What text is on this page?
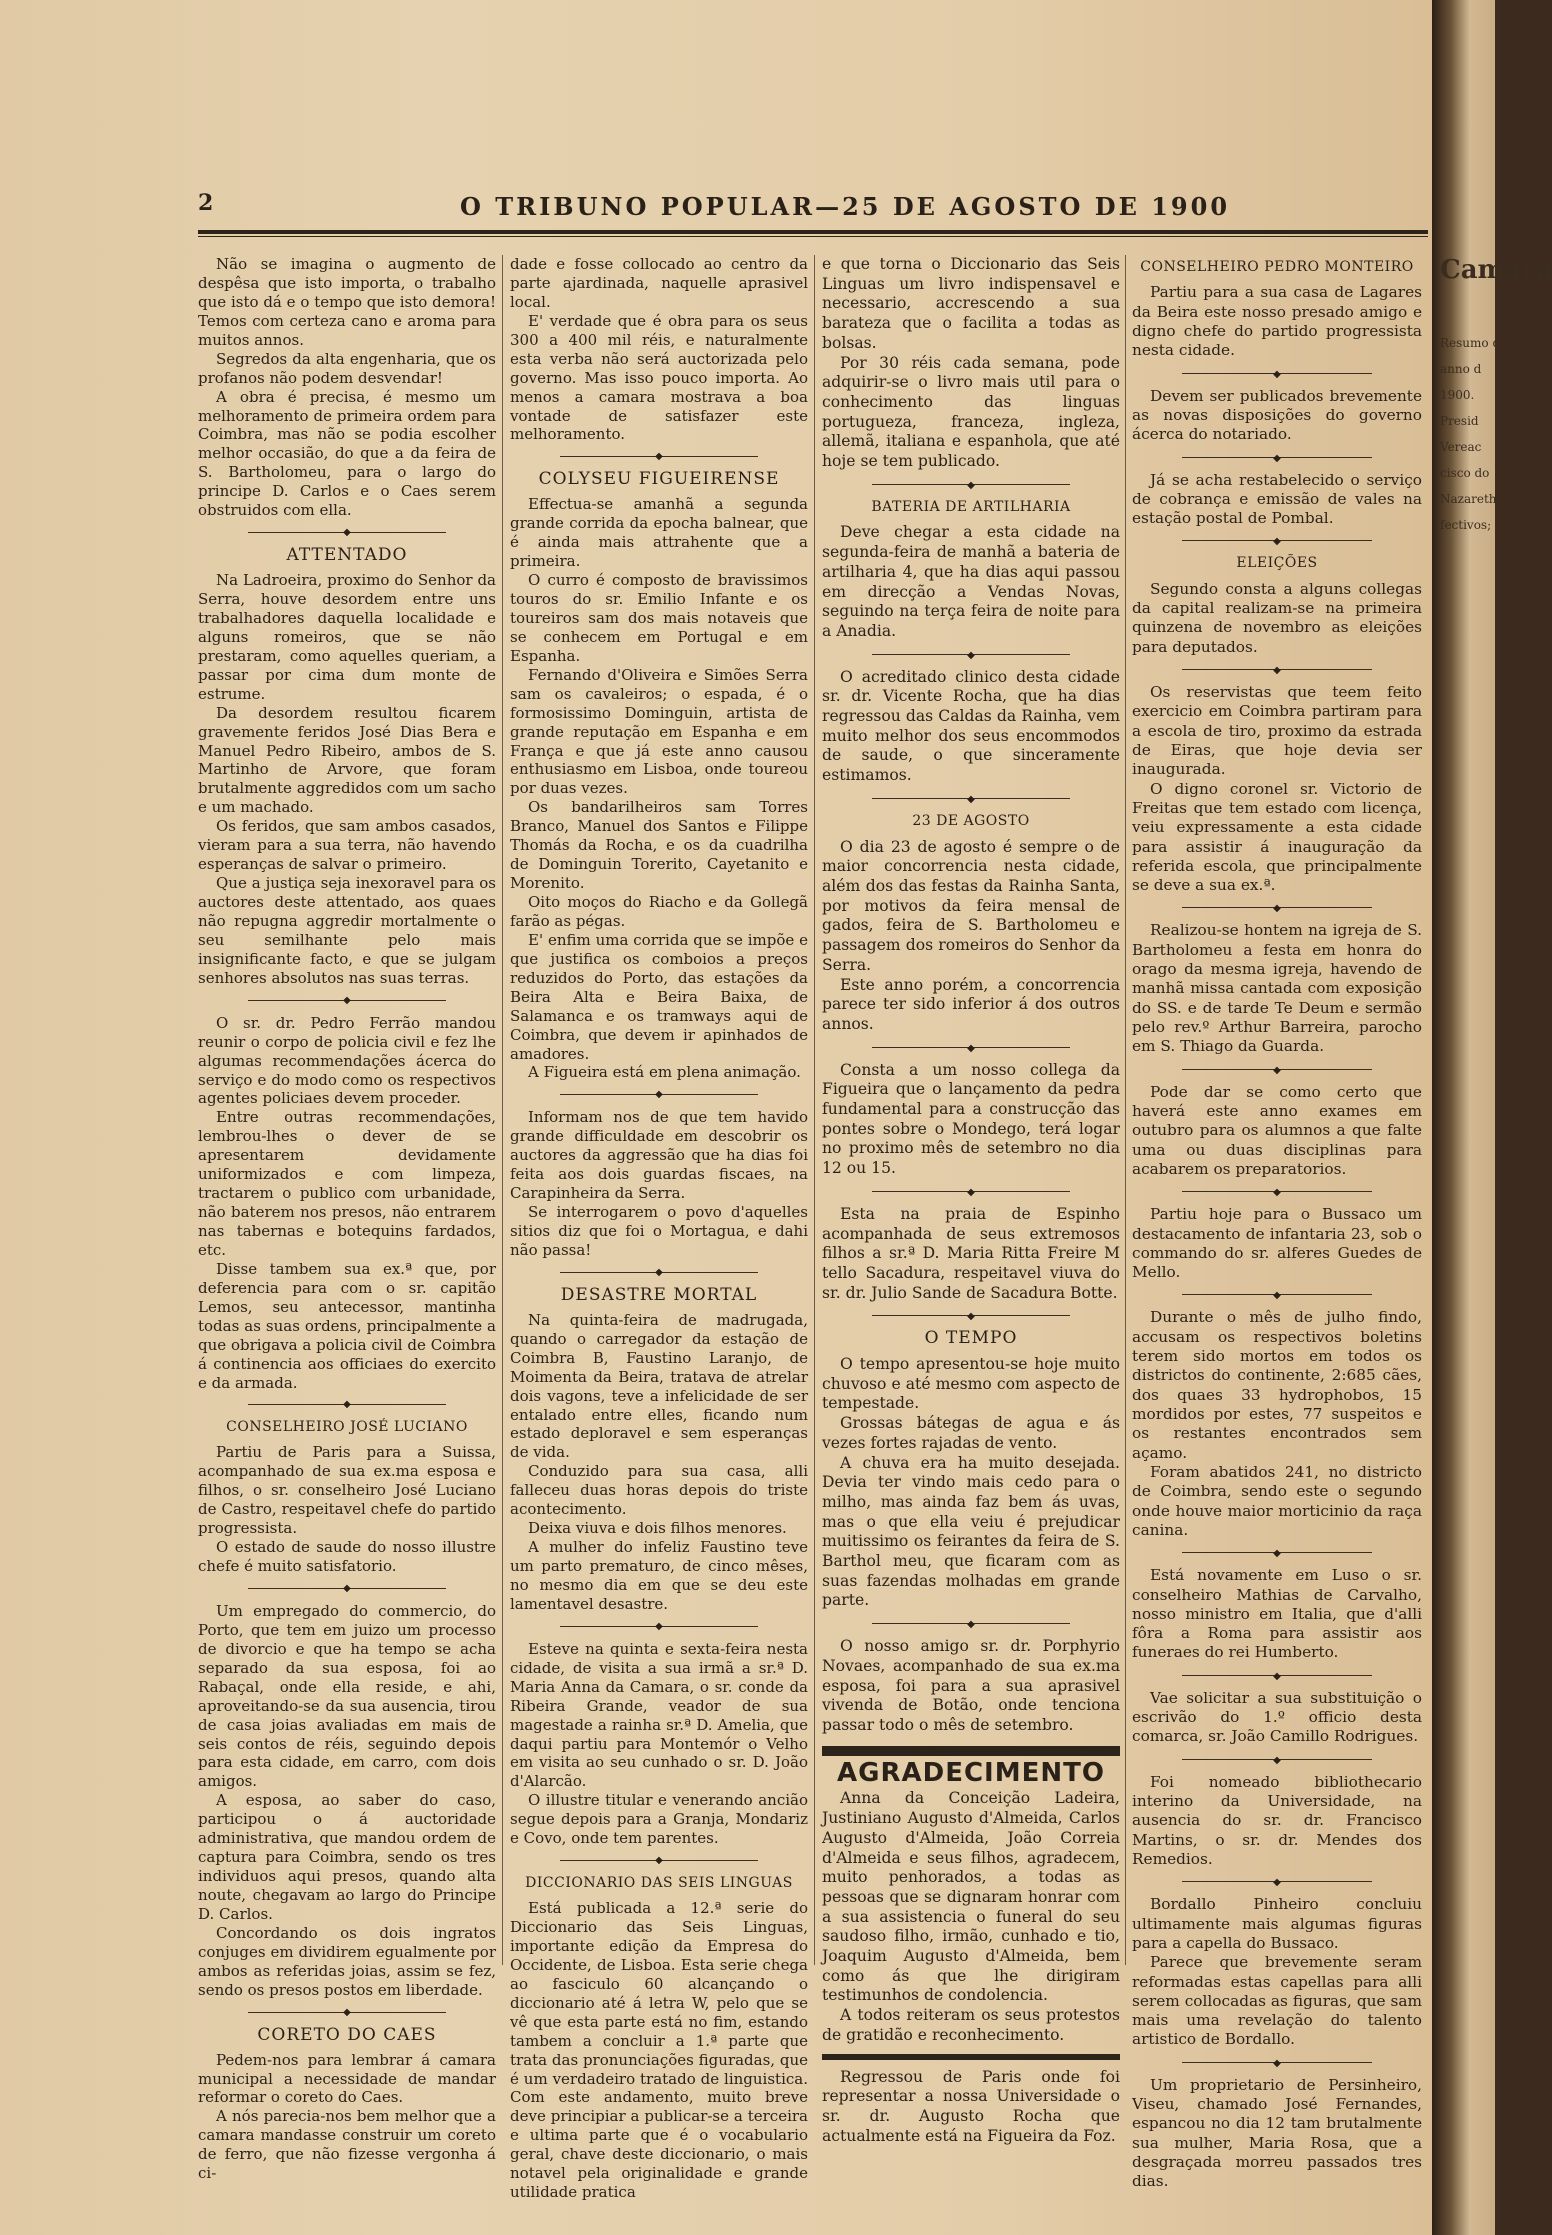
2	O TRIBUNO POPULAR—25 DE AGOSTO DE 1900

Não se imagina o augmento de despêsa que isto importa, o trabalho que isto dá e o tempo que isto demora! Temos com certeza cano e aroma para muitos annos.

Segredos da alta engenharia, que os profanos não podem desvendar!

A obra é precisa, é mesmo um melhoramento de primeira ordem para Coimbra, mas não se podia escolher melhor occasião, do que a da feira de S. Bartholomeu, para o largo do principe D. Carlos e o Caes serem obstruidos com ella.

◆
ATTENTADO

Na Ladroeira, proximo do Senhor da Serra, houve desordem entre uns trabalhadores daquella localidade e alguns romeiros, que se não prestaram, como aquelles queriam, a passar por cima dum monte de estrume.

Da desordem resultou ficarem gravemente feridos José Dias Bera e Manuel Pedro Ribeiro, ambos de S. Martinho de Arvore, que foram brutalmente aggredidos com um sacho e um machado.

Os feridos, que sam ambos casados, vieram para a sua terra, não havendo esperanças de salvar o primeiro.

Que a justiça seja inexoravel para os auctores deste attentado, aos quaes não repugna aggredir mortalmente o seu semilhante pelo mais insignificante facto, e que se julgam senhores absolutos nas suas terras.

◆

O sr. dr. Pedro Ferrão mandou reunir o corpo de policia civil e fez lhe algumas recommendações ácerca do serviço e do modo como os respectivos agentes policiaes devem proceder.

Entre outras recommendações, lembrou-lhes o dever de se apresentarem devidamente uniformizados e com limpeza, tractarem o publico com urbanidade, não baterem nos presos, não entrarem nas tabernas e botequins fardados, etc.

Disse tambem sua ex.ª que, por deferencia para com o sr. capitão Lemos, seu antecessor, mantinha todas as suas ordens, principalmente a que obrigava a policia civil de Coimbra á continencia aos officiaes do exercito e da armada.

◆
CONSELHEIRO JOSÉ LUCIANO

Partiu de Paris para a Suissa, acompanhado de sua ex.ma esposa e filhos, o sr. conselheiro José Luciano de Castro, respeitavel chefe do partido progressista.

O estado de saude do nosso illustre chefe é muito satisfatorio.

◆

Um empregado do commercio, do Porto, que tem em juizo um processo de divorcio e que ha tempo se acha separado da sua esposa, foi ao Rabaçal, onde ella reside, e ahi, aproveitando-se da sua ausencia, tirou de casa joias avaliadas em mais de seis contos de réis, seguindo depois para esta cidade, em carro, com dois amigos.

A esposa, ao saber do caso, participou o á auctoridade administrativa, que mandou ordem de captura para Coimbra, sendo os tres individuos aqui presos, quando alta noute, chegavam ao largo do Principe D. Carlos.

Concordando os dois ingratos conjuges em dividirem egualmente por ambos as referidas joias, assim se fez, sendo os presos postos em liberdade.

◆
CORETO DO CAES

Pedem-nos para lembrar á camara municipal a necessidade de mandar reformar o coreto do Caes.

A nós parecia-nos bem melhor que a camara mandasse construir um coreto de ferro, que não fizesse vergonha á ci-

dade e fosse collocado ao centro da parte ajardinada, naquelle aprasivel local.

E' verdade que é obra para os seus 300 a 400 mil réis, e naturalmente esta verba não será auctorizada pelo governo. Mas isso pouco importa. Ao menos a camara mostrava a boa vontade de satisfazer este melhoramento.

◆
COLYSEU FIGUEIRENSE

Effectua-se amanhã a segunda grande corrida da epocha balnear, que é ainda mais attrahente que a primeira.

O curro é composto de bravissimos touros do sr. Emilio Infante e os toureiros sam dos mais notaveis que se conhecem em Portugal e em Espanha.

Fernando d'Oliveira e Simões Serra sam os cavaleiros; o espada, é o formosissimo Dominguin, artista de grande reputação em Espanha e em França e que já este anno causou enthusiasmo em Lisboa, onde toureou por duas vezes.

Os bandarilheiros sam Torres Branco, Manuel dos Santos e Filippe Thomás da Rocha, e os da cuadrilha de Dominguin Torerito, Cayetanito e Morenito.

Oito moços do Riacho e da Gollegã farão as pégas.

E' enfim uma corrida que se impõe e que justifica os comboios a preços reduzidos do Porto, das estações da Beira Alta e Beira Baixa, de Salamanca e os tramways aqui de Coimbra, que devem ir apinhados de amadores.

A Figueira está em plena animação.

◆

Informam nos de que tem havido grande difficuldade em descobrir os auctores da aggressão que ha dias foi feita aos dois guardas fiscaes, na Carapinheira da Serra.

Se interrogarem o povo d'aquelles sitios diz que foi o Mortagua, e dahi não passa!

◆
DESASTRE MORTAL

Na quinta-feira de madrugada, quando o carregador da estação de Coimbra B, Faustino Laranjo, de Moimenta da Beira, tratava de atrelar dois vagons, teve a infelicidade de ser entalado entre elles, ficando num estado deploravel e sem esperanças de vida.

Conduzido para sua casa, alli falleceu duas horas depois do triste acontecimento.

Deixa viuva e dois filhos menores.

A mulher do infeliz Faustino teve um parto prematuro, de cinco mêses, no mesmo dia em que se deu este lamentavel desastre.

◆

Esteve na quinta e sexta-feira nesta cidade, de visita a sua irmã a sr.ª D. Maria Anna da Camara, o sr. conde da Ribeira Grande, veador de sua magestade a rainha sr.ª D. Amelia, que daqui partiu para Montemór o Velho em visita ao seu cunhado o sr. D. João d'Alarcão.

O illustre titular e venerando ancião segue depois para a Granja, Mondariz e Covo, onde tem parentes.

◆
DICCIONARIO DAS SEIS LINGUAS

Está publicada a 12.ª serie do Diccionario das Seis Linguas, importante edição da Empresa do Occidente, de Lisboa. Esta serie chega ao fasciculo 60 alcançando o diccionario até á letra W, pelo que se vê que esta parte está no fim, estando tambem a concluir a 1.ª parte que trata das pronunciações figuradas, que é um verdadeiro tratado de linguistica. Com este andamento, muito breve deve principiar a publicar-se a terceira e ultima parte que é o vocabulario geral, chave deste diccionario, o mais notavel pela originalidade e grande utilidade pratica

e que torna o Diccionario das Seis Linguas um livro indispensavel e necessario, accrescendo a sua barateza que o facilita a todas as bolsas.

Por 30 réis cada semana, pode adquirir-se o livro mais util para o conhecimento das linguas portugueza, franceza, ingleza, allemã, italiana e espanhola, que até hoje se tem publicado.

◆
BATERIA DE ARTILHARIA

Deve chegar a esta cidade na segunda-feira de manhã a bateria de artilharia 4, que ha dias aqui passou em direcção a Vendas Novas, seguindo na terça feira de noite para a Anadia.

◆

O acreditado clinico desta cidade sr. dr. Vicente Rocha, que ha dias regressou das Caldas da Rainha, vem muito melhor dos seus encommodos de saude, o que sinceramente estimamos.

◆
23 DE AGOSTO

O dia 23 de agosto é sempre o de maior concorrencia nesta cidade, além dos das festas da Rainha Santa, por motivos da feira mensal de gados, feira de S. Bartholomeu e passagem dos romeiros do Senhor da Serra.

Este anno porém, a concorrencia parece ter sido inferior á dos outros annos.

◆

Consta a um nosso collega da Figueira que o lançamento da pedra fundamental para a construcção das pontes sobre o Mondego, terá logar no proximo mês de setembro no dia 12 ou 15.

◆

Esta na praia de Espinho acompanhada de seus extremosos filhos a sr.ª D. Maria Ritta Freire M tello Sacadura, respeitavel viuva do sr. dr. Julio Sande de Sacadura Botte.

◆
O TEMPO

O tempo apresentou-se hoje muito chuvoso e até mesmo com aspecto de tempestade.

Grossas bátegas de agua e ás vezes fortes rajadas de vento.

A chuva era ha muito desejada. Devia ter vindo mais cedo para o milho, mas ainda faz bem ás uvas, mas o que ella veiu é prejudicar muitissimo os feirantes da feira de S. Barthol meu, que ficaram com as suas fazendas molhadas em grande parte.

◆

O nosso amigo sr. dr. Porphyrio Novaes, acompanhado de sua ex.ma esposa, foi para a sua aprasivel vivenda de Botão, onde tenciona passar todo o mês de setembro.

AGRADECIMENTO

Anna da Conceição Ladeira, Justiniano Augusto d'Almeida, Carlos Augusto d'Almeida, João Correia d'Almeida e seus filhos, agradecem, muito penhorados, a todas as pessoas que se dignaram honrar com a sua assistencia o funeral do seu saudoso filho, irmão, cunhado e tio, Joaquim Augusto d'Almeida, bem como ás que lhe dirigiram testimunhos de condolencia.

A todos reiteram os seus protestos de gratidão e reconhecimento.

Regressou de Paris onde foi representar a nossa Universidade o sr. dr. Augusto Rocha que actualmente está na Figueira da Foz.

CONSELHEIRO PEDRO MONTEIRO

Partiu para a sua casa de Lagares da Beira este nosso presado amigo e digno chefe do partido progressista nesta cidade.

◆

Devem ser publicados brevemente as novas disposições do governo ácerca do notariado.

◆

Já se acha restabelecido o serviço de cobrança e emissão de vales na estação postal de Pombal.

◆
ELEIÇÕES

Segundo consta a alguns collegas da capital realizam-se na primeira quinzena de novembro as eleições para deputados.

◆

Os reservistas que teem feito exercicio em Coimbra partiram para a escola de tiro, proximo da estrada de Eiras, que hoje devia ser inaugurada.

O digno coronel sr. Victorio de Freitas que tem estado com licença, veiu expressamente a esta cidade para assistir á inauguração da referida escola, que principalmente se deve a sua ex.ª.

◆

Realizou-se hontem na igreja de S. Bartholomeu a festa em honra do orago da mesma igreja, havendo de manhã missa cantada com exposição do SS. e de tarde Te Deum e sermão pelo rev.º Arthur Barreira, parocho em S. Thiago da Guarda.

◆

Pode dar se como certo que haverá este anno exames em outubro para os alumnos a que falte uma ou duas disciplinas para acabarem os preparatorios.

◆

Partiu hoje para o Bussaco um destacamento de infantaria 23, sob o commando do sr. alferes Guedes de Mello.

◆

Durante o mês de julho findo, accusam os respectivos boletins terem sido mortos em todos os districtos do continente, 2:685 cães, dos quaes 33 hydrophobos, 15 mordidos por estes, 77 suspeitos e os restantes encontrados sem açamo.

Foram abatidos 241, no districto de Coimbra, sendo este o segundo onde houve maior morticinio da raça canina.

◆

Está novamente em Luso o sr. conselheiro Mathias de Carvalho, nosso ministro em Italia, que d'alli fôra a Roma para assistir aos funeraes do rei Humberto.

◆

Vae solicitar a sua substituição o escrivão do 1.º officio desta comarca, sr. João Camillo Rodrigues.

◆

Foi nomeado bibliothecario interino da Universidade, na ausencia do sr. dr. Francisco Martins, o sr. dr. Mendes dos Remedios.

◆

Bordallo Pinheiro concluiu ultimamente mais algumas figuras para a capella do Bussaco.

Parece que brevemente seram reformadas estas capellas para alli serem collocadas as figuras, que sam mais uma revelação do talento artistico de Bordallo.

◆

Um proprietario de Persinheiro, Viseu, chamado José Fernandes, espancou no dia 12 tam brutalmente sua mulher, Maria Rosa, que a desgraçada morreu passados tres dias.

Camara
Resumo d
anno d
1900.
Presid
Vereac
cisco do
Nazareth
fectivos;
